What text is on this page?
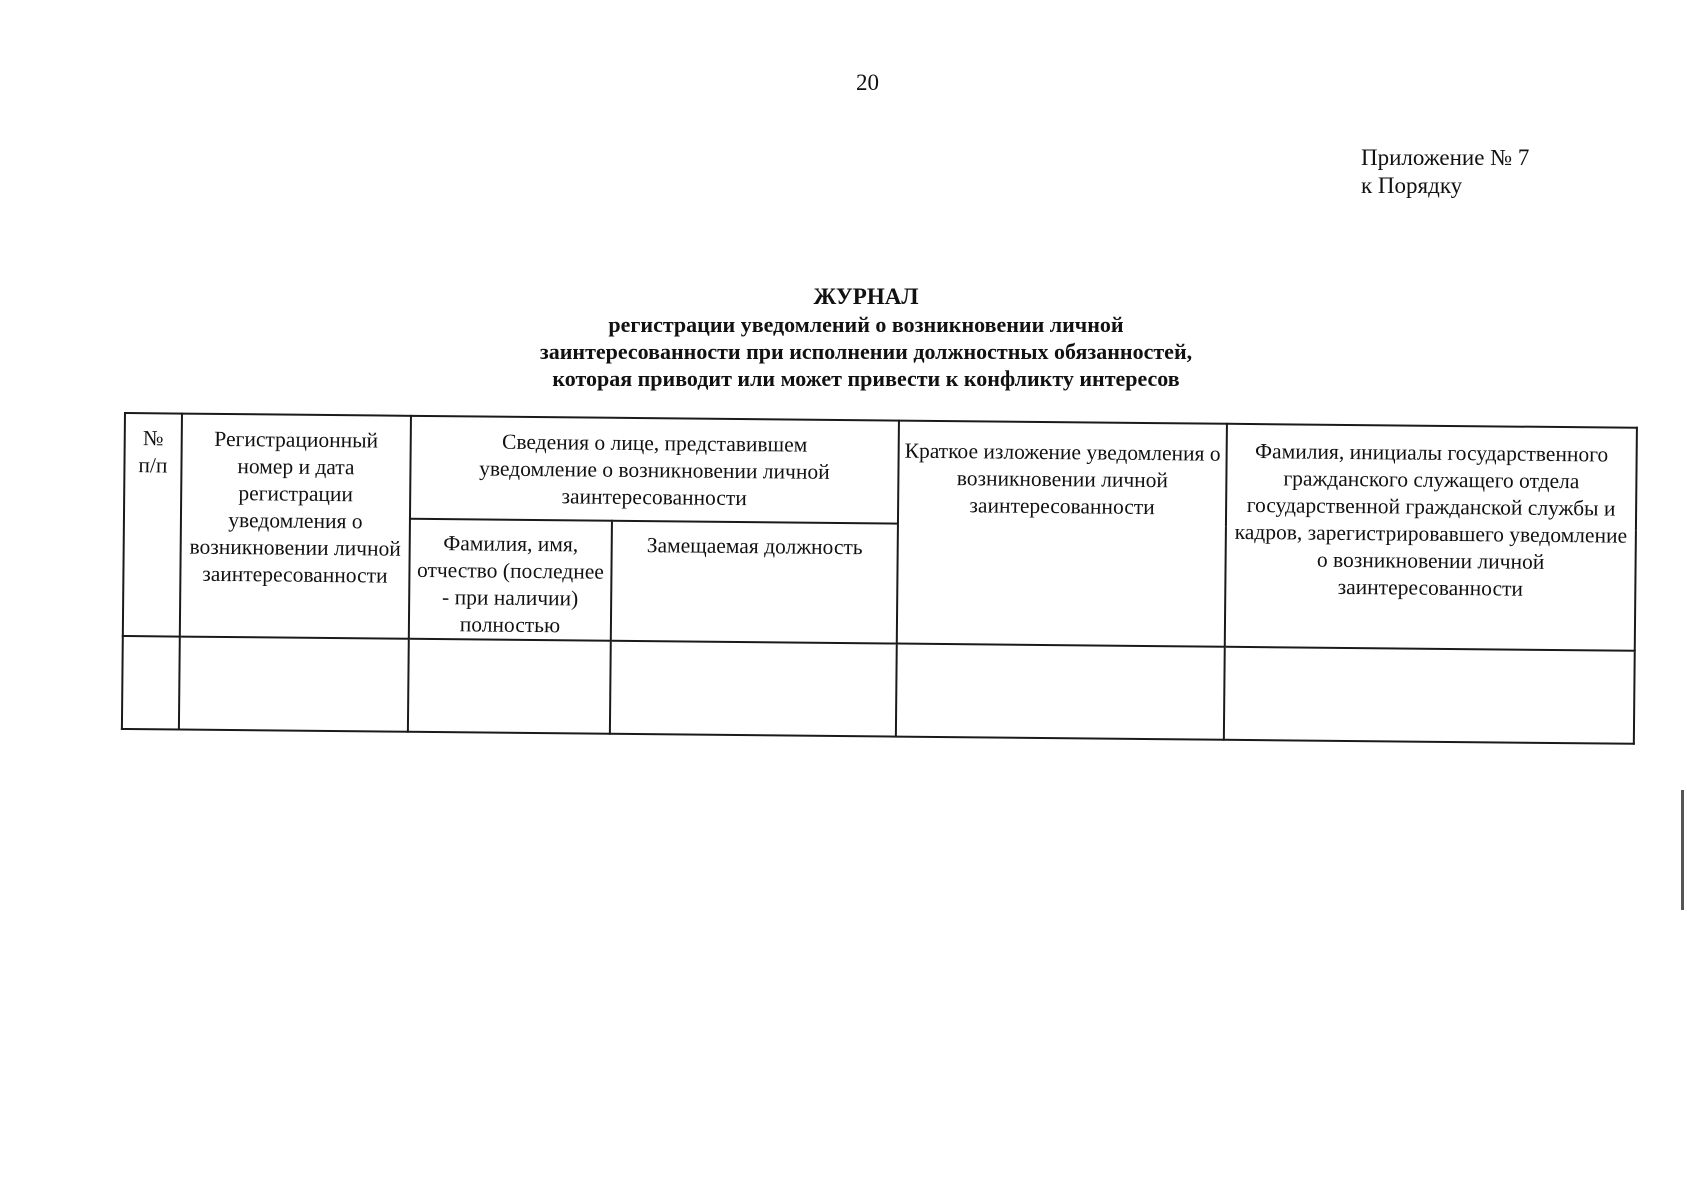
20
Приложение № 7
к Порядку
ЖУРНАЛ
регистрации уведомлений о возникновении личной
заинтересованности при исполнении должностных обязанностей,
которая приводит или может привести к конфликту интересов
№ п/п	Регистрационный номер и дата регистрации уведомления о возникновении личной заинтересованности	Сведения о лице, представившем уведомление о возникновении личной заинтересованности		Краткое изложение уведомления о возникновении личной заинтересованности	Фамилия, инициалы государственного гражданского служащего отдела государственной гражданской службы и кадров, зарегистрировавшего уведомление о возникновении личной заинтересованности
		Фамилия, имя, отчество (последнее - при наличии) полностью	Замещаемая должность		
